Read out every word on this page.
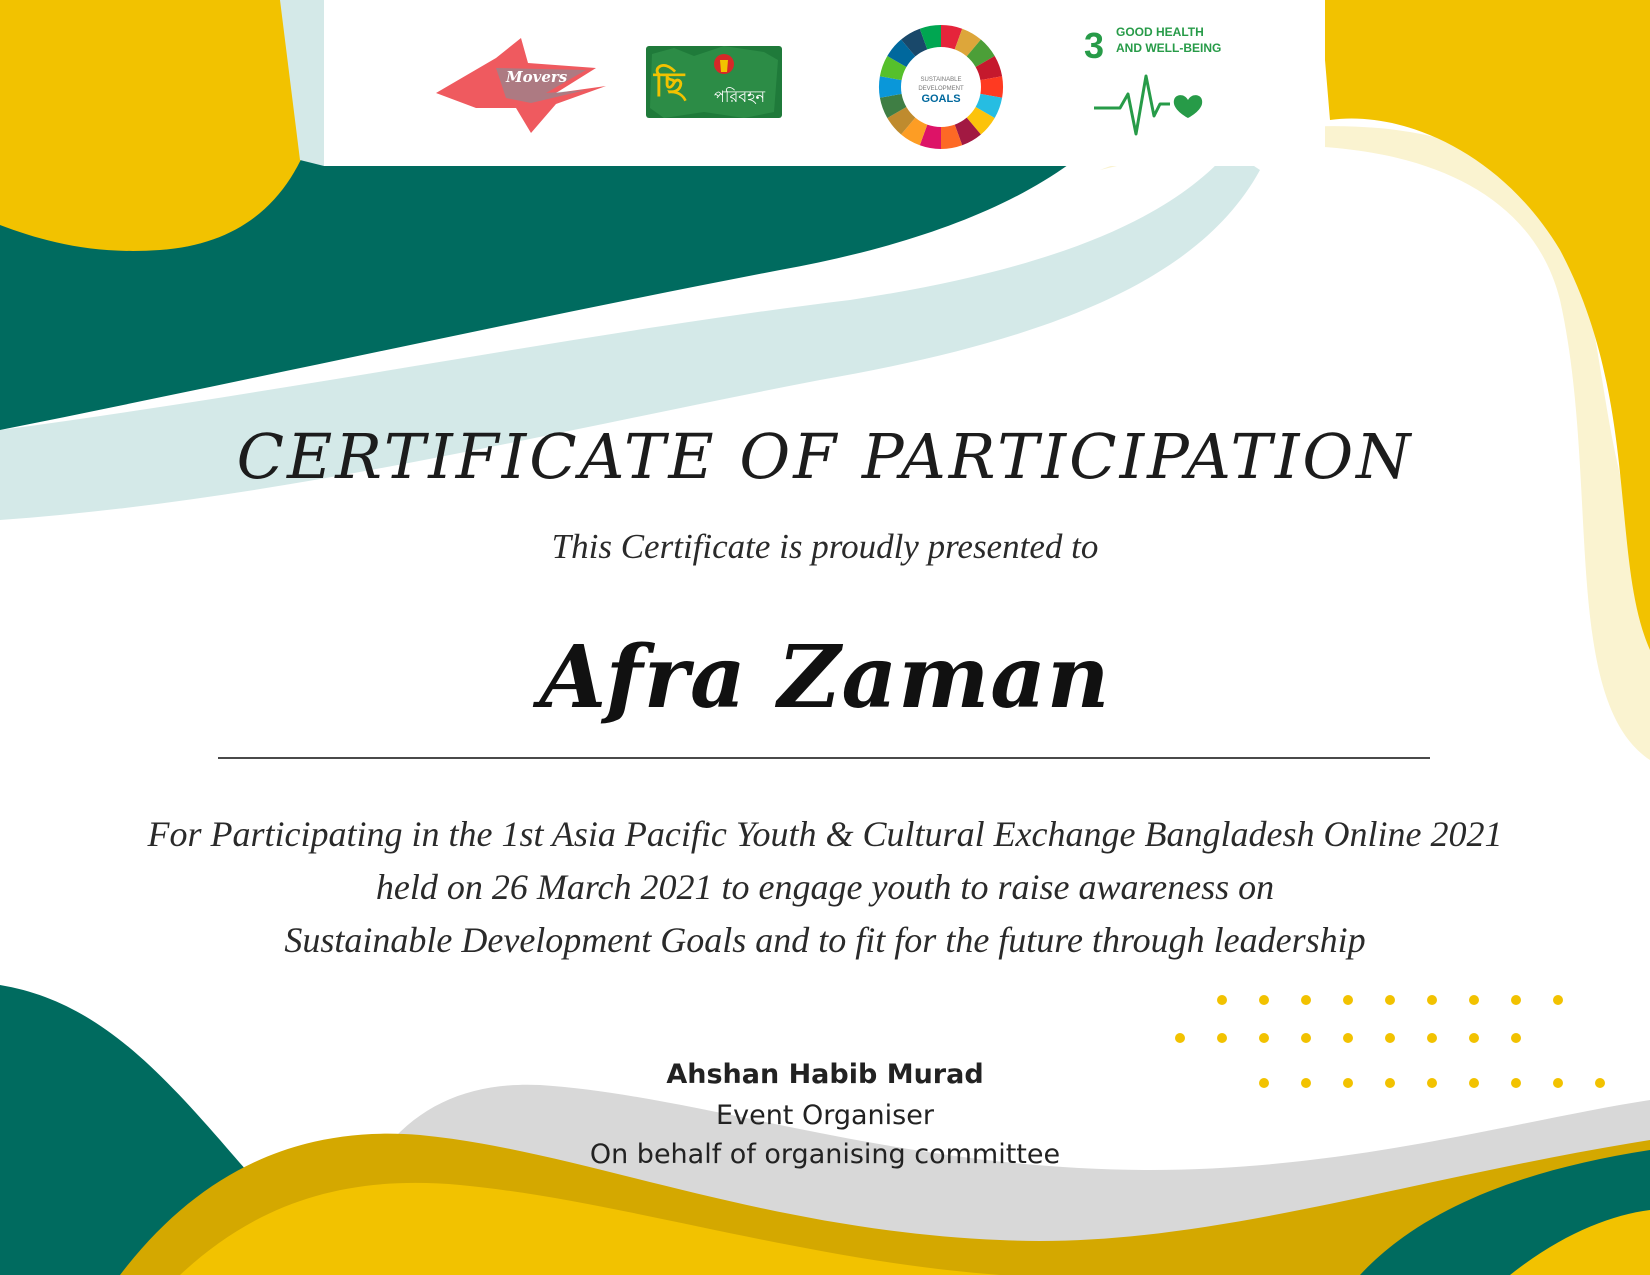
Movers	ছি পরিবহন
SUSTAINABLE
DEVELOPMENT
GOALS
3 GOOD HEALTH
AND WELL-BEING
CERTIFICATE OF PARTICIPATION
This Certificate is proudly presented to
Afra Zaman
For Participating in the 1st Asia Pacific Youth & Cultural Exchange Bangladesh Online 2021
held on 26 March 2021 to engage youth to raise awareness on
Sustainable Development Goals and to fit for the future through leadership
Ahshan Habib Murad
Event Organiser
On behalf of organising committee
